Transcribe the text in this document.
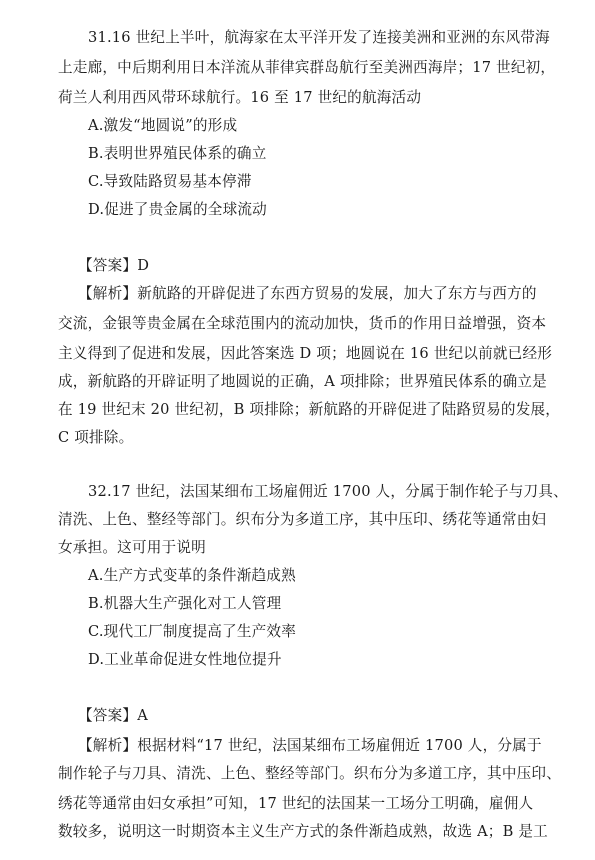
31.16 世纪上半叶，航海家在太平洋开发了连接美洲和亚洲的东风带海
上走廊，中后期利用日本洋流从菲律宾群岛航行至美洲西海岸；17 世纪初，
荷兰人利用西风带环球航行。16 至 17 世纪的航海活动
A.激发“地圆说”的形成
B.表明世界殖民体系的确立
C.导致陆路贸易基本停滞
D.促进了贵金属的全球流动
【答案】D
【解析】新航路的开辟促进了东西方贸易的发展，加大了东方与西方的
交流，金银等贵金属在全球范围内的流动加快，货币的作用日益增强，资本
主义得到了促进和发展，因此答案选 D 项；地圆说在 16 世纪以前就已经形
成，新航路的开辟证明了地圆说的正确，A 项排除；世界殖民体系的确立是
在 19 世纪末 20 世纪初，B 项排除；新航路的开辟促进了陆路贸易的发展，
C 项排除。
32.17 世纪，法国某细布工场雇佣近 1700 人，分属于制作轮子与刀具、
清洗、上色、整经等部门。织布分为多道工序，其中压印、绣花等通常由妇
女承担。这可用于说明
A.生产方式变革的条件渐趋成熟
B.机器大生产强化对工人管理
C.现代工厂制度提高了生产效率
D.工业革命促进女性地位提升
【答案】A
【解析】根据材料“17 世纪，法国某细布工场雇佣近 1700 人，分属于
制作轮子与刀具、清洗、上色、整经等部门。织布分为多道工序，其中压印、
绣花等通常由妇女承担”可知，17 世纪的法国某一工场分工明确，雇佣人
数较多，说明这一时期资本主义生产方式的条件渐趋成熟，故选 A；B 是工
